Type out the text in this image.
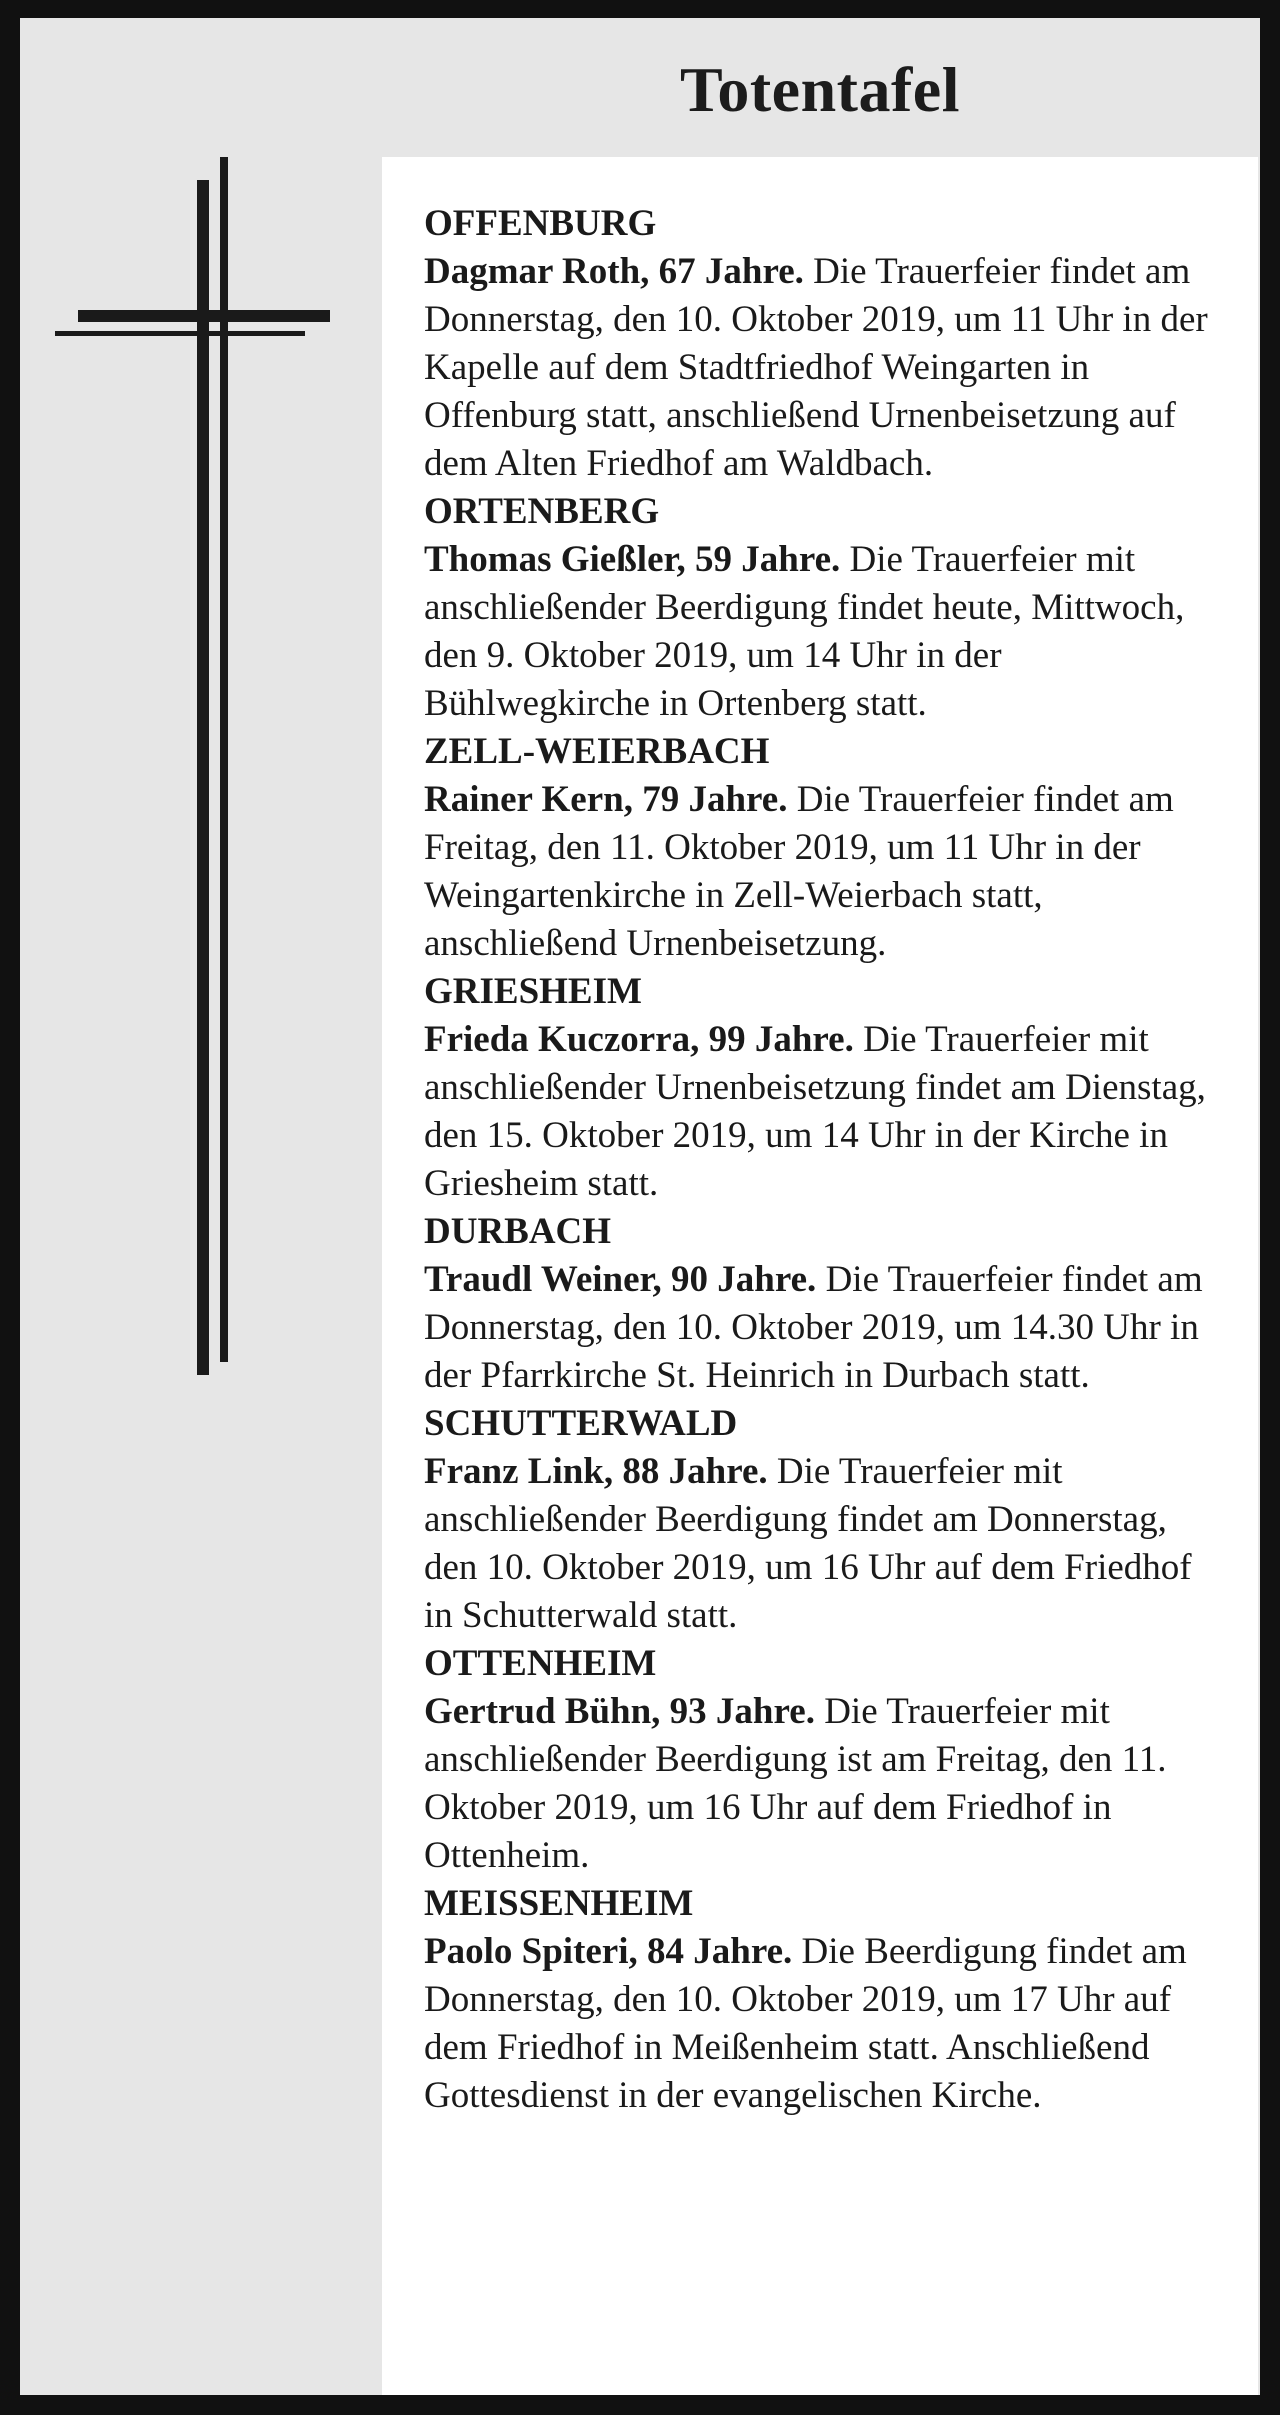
Totentafel

OFFENBURG
Dagmar Roth, 67 Jahre. Die Trauerfeier findet am Donnerstag, den 10. Oktober 2019, um 11 Uhr in der Kapelle auf dem Stadtfriedhof Weingarten in Offenburg statt, anschließend Urnenbeisetzung auf dem Alten Friedhof am Waldbach.

ORTENBERG
Thomas Gießler, 59 Jahre. Die Trauerfeier mit anschließender Beerdigung findet heute, Mittwoch, den 9. Oktober 2019, um 14 Uhr in der Bühlwegkirche in Ortenberg statt.

ZELL-WEIERBACH
Rainer Kern, 79 Jahre. Die Trauerfeier findet am Freitag, den 11. Oktober 2019, um 11 Uhr in der Weingartenkirche in Zell-Weierbach statt, anschließend Urnenbeisetzung.

GRIESHEIM
Frieda Kuczorra, 99 Jahre. Die Trauerfeier mit anschließender Urnenbeisetzung findet am Dienstag, den 15. Oktober 2019, um 14 Uhr in der Kirche in Griesheim statt.

DURBACH
Traudl Weiner, 90 Jahre. Die Trauerfeier findet am Donnerstag, den 10. Oktober 2019, um 14.30 Uhr in der Pfarrkirche St. Heinrich in Durbach statt.

SCHUTTERWALD
Franz Link, 88 Jahre. Die Trauerfeier mit anschließender Beerdigung findet am Donnerstag, den 10. Oktober 2019, um 16 Uhr auf dem Friedhof in Schutterwald statt.

OTTENHEIM
Gertrud Bühn, 93 Jahre. Die Trauerfeier mit anschließender Beerdigung ist am Freitag, den 11. Oktober 2019, um 16 Uhr auf dem Friedhof in Ottenheim.

MEISSENHEIM
Paolo Spiteri, 84 Jahre. Die Beerdigung findet am Donnerstag, den 10. Oktober 2019, um 17 Uhr auf dem Friedhof in Meißenheim statt. Anschließend Gottesdienst in der evangelischen Kirche.
